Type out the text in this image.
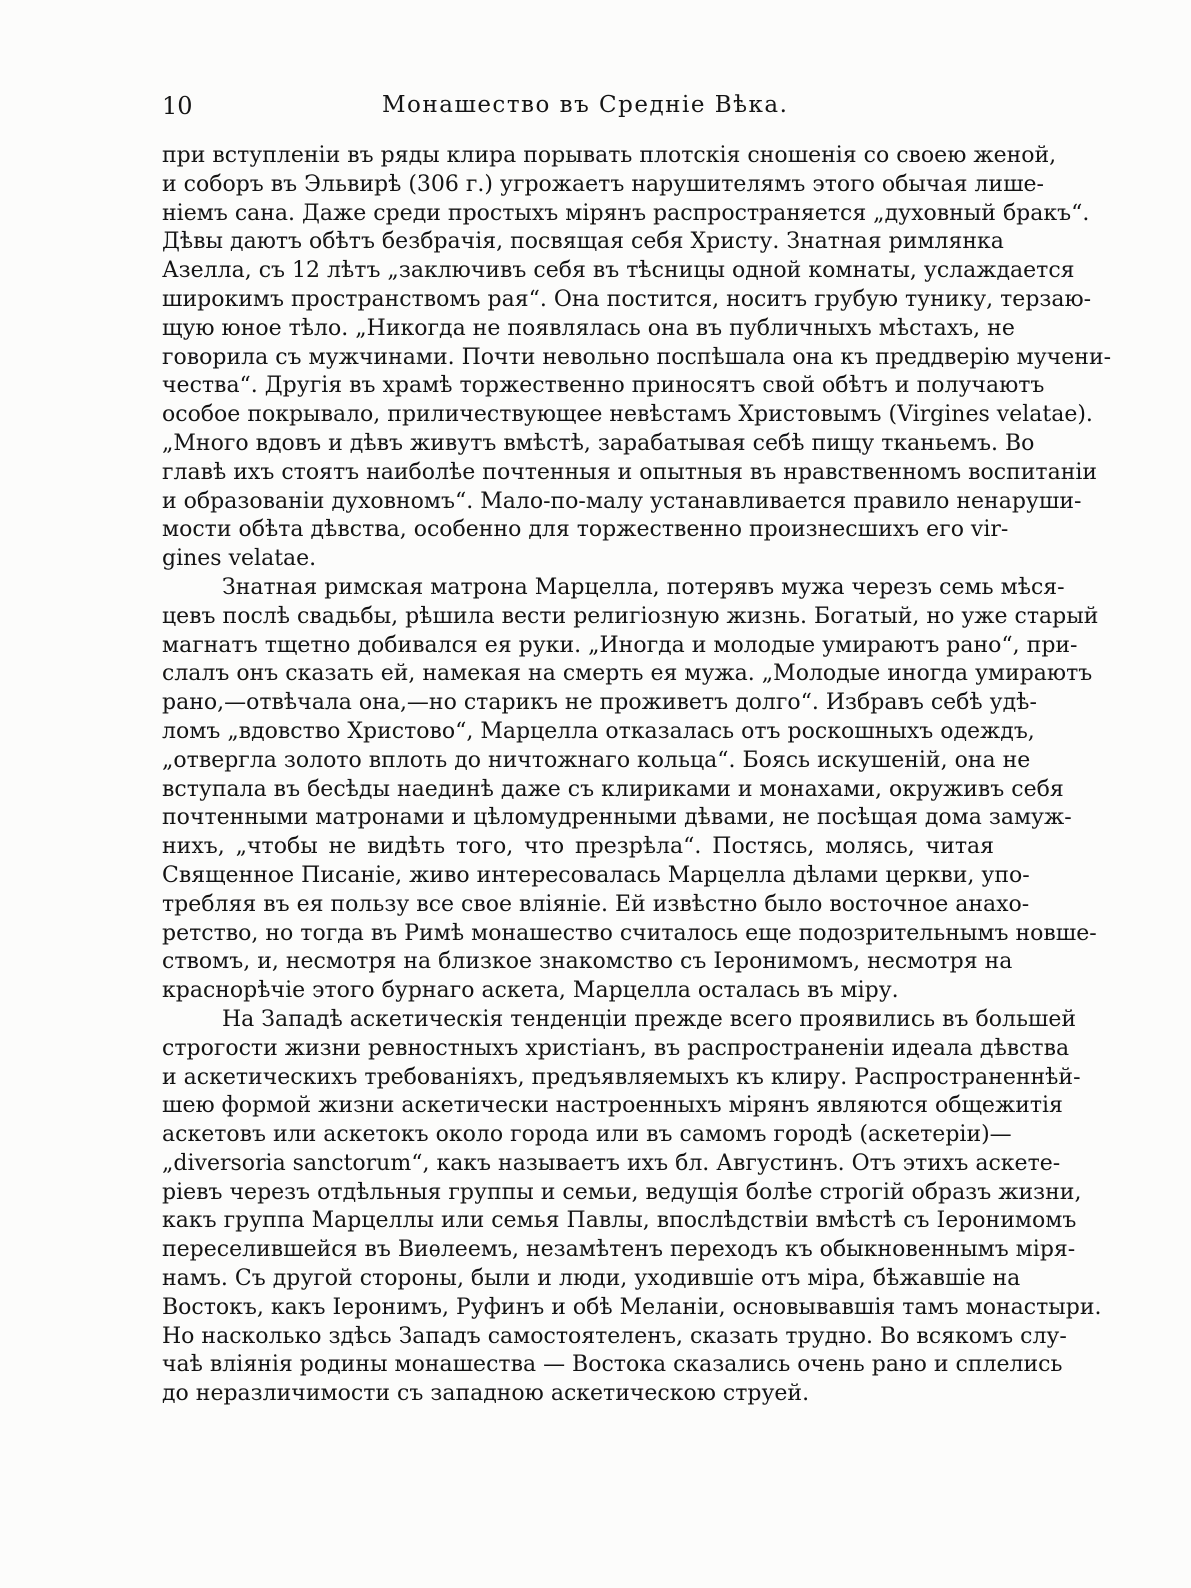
10	Монашество въ Средніе Вѣка.
при вступленіи въ ряды клира порывать плотскія сношенія со своею женой,
и соборъ въ Эльвирѣ (306 г.) угрожаетъ нарушителямъ этого обычая лише-
ніемъ сана. Даже среди простыхъ мірянъ распространяется „духовный бракъ“.
Дѣвы даютъ обѣтъ безбрачія, посвящая себя Христу. Знатная римлянка
Азелла, съ 12 лѣтъ „заключивъ себя въ тѣсницы одной комнаты, услаждается
широкимъ пространствомъ рая“. Она постится, носитъ грубую тунику, терзаю-
щую юное тѣло. „Никогда не появлялась она въ публичныхъ мѣстахъ, не
говорила съ мужчинами. Почти невольно поспѣшала она къ преддверію мучени-
чества“. Другія въ храмѣ торжественно приносятъ свой обѣтъ и получаютъ
особое покрывало, приличествующее невѣстамъ Христовымъ (Virgines velatae).
„Много вдовъ и дѣвъ живутъ вмѣстѣ, зарабатывая себѣ пищу тканьемъ. Во
главѣ ихъ стоятъ наиболѣе почтенныя и опытныя въ нравственномъ воспитаніи
и образованіи духовномъ“. Мало-по-малу устанавливается правило ненаруши-
мости обѣта дѣвства, особенно для торжественно произнесшихъ его vir-
gines velatae.
Знатная римская матрона Марцелла, потерявъ мужа черезъ семь мѣся-
цевъ послѣ свадьбы, рѣшила вести религіозную жизнь. Богатый, но уже старый
магнатъ тщетно добивался ея руки. „Иногда и молодые умираютъ рано“, при-
слалъ онъ сказать ей, намекая на смерть ея мужа. „Молодые иногда умираютъ
рано,—отвѣчала она,—но старикъ не проживетъ долго“. Избравъ себѣ удѣ-
ломъ „вдовство Христово“, Марцелла отказалась отъ роскошныхъ одеждъ,
„отвергла золото вплоть до ничтожнаго кольца“. Боясь искушеній, она не
вступала въ бесѣды наединѣ даже съ клириками и монахами, окруживъ себя
почтенными матронами и цѣломудренными дѣвами, не посѣщая дома замуж-
нихъ, „чтобы не видѣть того, что презрѣла“. Постясь, молясь, читая
Священное Писаніе, живо интересовалась Марцелла дѣлами церкви, упо-
требляя въ ея пользу все свое вліяніе. Ей извѣстно было восточное анахо-
ретство, но тогда въ Римѣ монашество считалось еще подозрительнымъ новше-
ствомъ, и, несмотря на близкое знакомство съ Іеронимомъ, несмотря на
краснорѣчіе этого бурнаго аскета, Марцелла осталась въ міру.
На Западѣ аскетическія тенденціи прежде всего проявились въ большей
строгости жизни ревностныхъ христіанъ, въ распространеніи идеала дѣвства
и аскетическихъ требованіяхъ, предъявляемыхъ къ клиру. Распространеннѣй-
шею формой жизни аскетически настроенныхъ мірянъ являются общежитія
аскетовъ или аскетокъ около города или въ самомъ городѣ (аскетеріи)—
„diversoria sanctorum“, какъ называетъ ихъ бл. Августинъ. Отъ этихъ аскете-
ріевъ черезъ отдѣльныя группы и семьи, ведущія болѣе строгій образъ жизни,
какъ группа Марцеллы или семья Павлы, впослѣдствіи вмѣстѣ съ Іеронимомъ
переселившейся въ Виѳлеемъ, незамѣтенъ переходъ къ обыкновеннымъ міря-
намъ. Съ другой стороны, были и люди, уходившіе отъ міра, бѣжавшіе на
Востокъ, какъ Іеронимъ, Руфинъ и обѣ Меланіи, основывавшія тамъ монастыри.
Но насколько здѣсь Западъ самостоятеленъ, сказать трудно. Во всякомъ слу-
чаѣ вліянія родины монашества — Востока сказались очень рано и сплелись
до неразличимости съ западною аскетическою струей.
